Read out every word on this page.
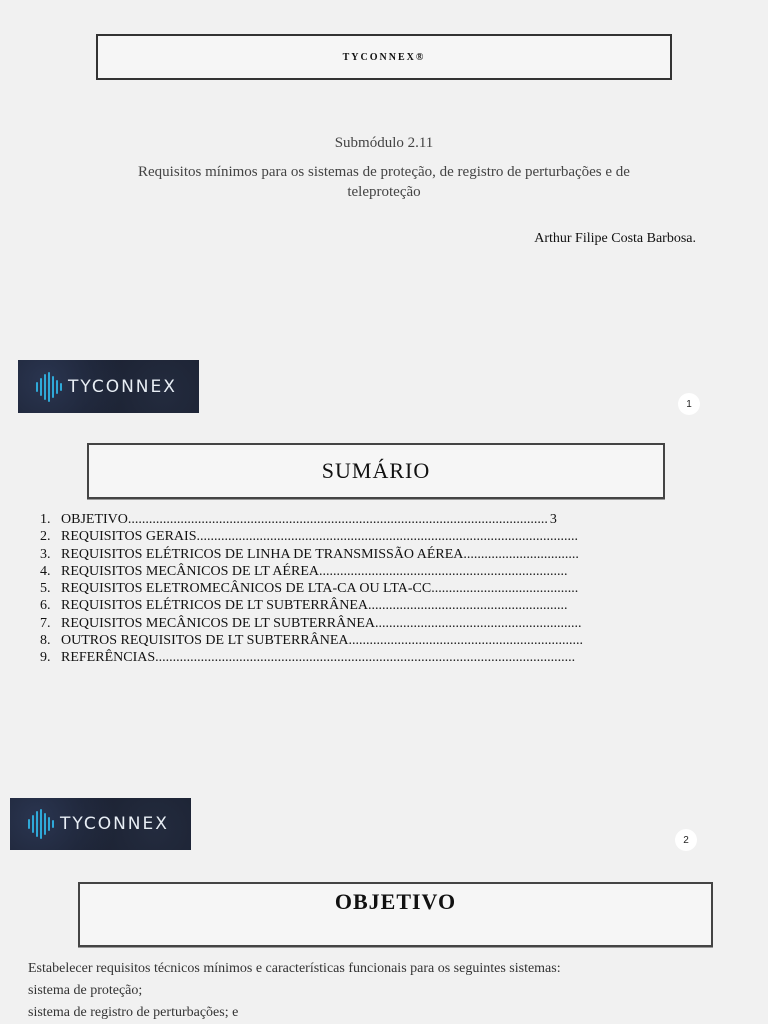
TYCONNEX®
Submódulo 2.11
Requisitos mínimos para os sistemas de proteção, de registro de perturbações e de teleproteção
Arthur Filipe Costa Barbosa.
TYCONNEX
1
SUMÁRIO
1. OBJETIVO ........................................................................................................................ 3
2. REQUISITOS GERAIS .............................................................................................................
3. REQUISITOS ELÉTRICOS DE LINHA DE TRANSMISSÃO AÉREA .................................
4. REQUISITOS MECÂNICOS DE LT AÉREA .......................................................................
5. REQUISITOS ELETROMECÂNICOS DE LTA-CA OU LTA-CC ..........................................
6. REQUISITOS ELÉTRICOS DE LT SUBTERRÂNEA .........................................................
7. REQUISITOS MECÂNICOS DE LT SUBTERRÂNEA ...........................................................
8. OUTROS REQUISITOS DE LT SUBTERRÂNEA ...................................................................
9. REFERÊNCIAS ........................................................................................................................
TYCONNEX
2
OBJETIVO

Estabelecer requisitos técnicos mínimos e características funcionais para os seguintes sistemas:

sistema de proteção;

sistema de registro de perturbações; e
